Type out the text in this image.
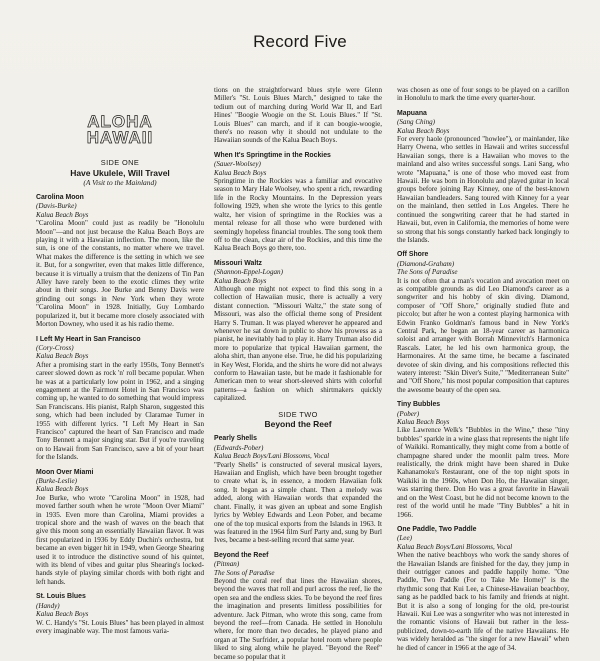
Record Five
ALOHA
HAWAII
SIDE ONE
Have Ukulele, Will Travel
(A Visit to the Mainland)
Carolina Moon
(Davis-Burke)
Kalua Beach Boys
"Carolina Moon" could just as readily be "Honolulu Moon"—and not just because the Kalua Beach Boys are playing it with a Hawaiian inflection. The moon, like the sun, is one of the constants, no matter where we travel. What makes the difference is the setting in which we see it. But, for a songwriter, even that makes little difference, because it is virtually a truism that the denizens of Tin Pan Alley have rarely been to the exotic climes they write about in their songs. Joe Burke and Benny Davis were grinding out songs in New York when they wrote "Carolina Moon" in 1928. Initially, Guy Lombardo popularized it, but it became more closely associated with Morton Downey, who used it as his radio theme.
I Left My Heart in San Francisco
(Cory-Cross)
Kalua Beach Boys
After a promising start in the early 1950s, Tony Bennett's career slowed down as rock 'n' roll became popular. When he was at a particularly low point in 1962, and a singing engagement at the Fairmont Hotel in San Francisco was coming up, he wanted to do something that would impress San Franciscans. His pianist, Ralph Sharon, suggested this song, which had been included by Claramae Turner in 1955 with different lyrics. "I Left My Heart in San Francisco" captured the heart of San Francisco and made Tony Bennett a major singing star. But if you're traveling on to Hawaii from San Francisco, save a bit of your heart for the Islands.
Moon Over Miami
(Burke-Leslie)
Kalua Beach Boys
Joe Burke, who wrote "Carolina Moon" in 1928, had moved farther south when he wrote "Moon Over Miami" in 1935. Even more than Carolina, Miami provides a tropical shore and the wash of waves on the beach that give this moon song an essentially Hawaiian flavor. It was first popularized in 1936 by Eddy Duchin's orchestra, but became an even bigger hit in 1949, when George Shearing used it to introduce the distinctive sound of his quintet, with its blend of vibes and guitar plus Shearing's locked-hands style of playing similar chords with both right and left hands.
St. Louis Blues
(Handy)
Kalua Beach Boys
W. C. Handy's "St. Louis Blues" has been played in almost every imaginable way. The most famous varia-
tions on the straightforward blues style were Glenn Miller's "St. Louis Blues March," designed to take the tedium out of marching during World War II, and Earl Hines' "Boogie Woogie on the St. Louis Blues." If "St. Louis Blues" can march, and if it can boogie-woogie, there's no reason why it should not undulate to the Hawaiian sounds of the Kalua Beach Boys.
When It's Springtime in the Rockies
(Sauer-Woolsey)
Kalua Beach Boys
Springtime in the Rockies was a familiar and evocative season to Mary Hale Woolsey, who spent a rich, rewarding life in the Rocky Mountains. In the Depression years following 1929, when she wrote the lyrics to this gentle waltz, her vision of springtime in the Rockies was a mental release for all those who were burdened with seemingly hopeless financial troubles. The song took them off to the clean, clear air of the Rockies, and this time the Kalua Beach Boys go there, too.
Missouri Waltz
(Shannon-Eppel-Logan)
Kalua Beach Boys
Although one might not expect to find this song in a collection of Hawaiian music, there is actually a very distant connection. "Missouri Waltz," the state song of Missouri, was also the official theme song of President Harry S. Truman. It was played wherever he appeared and whenever he sat down in public to show his prowess as a pianist, he inevitably had to play it. Harry Truman also did more to popularize that typical Hawaiian garment, the aloha shirt, than anyone else. True, he did his popularizing in Key West, Florida, and the shirts he wore did not always conform to Hawaiian taste, but he made it fashionable for American men to wear short-sleeved shirts with colorful patterns—a fashion on which shirtmakers quickly capitalized.
SIDE TWO
Beyond the Reef
Pearly Shells
(Edwards-Pober)
Kalua Beach Boys/Lani Blossoms, Vocal
"Pearly Shells" is constructed of several musical layers, Hawaiian and English, which have been brought together to create what is, in essence, a modern Hawaiian folk song. It began as a simple chant. Then a melody was added, along with Hawaiian words that expanded the chant. Finally, it was given an upbeat and some English lyrics by Webley Edwards and Leon Pober, and became one of the top musical exports from the Islands in 1963. It was featured in the 1964 film Surf Party and, sung by Burl Ives, became a best-selling record that same year.
Beyond the Reef
(Pitman)
The Sons of Paradise
Beyond the coral reef that lines the Hawaiian shores, beyond the waves that roll and purl across the reef, lie the open sea and the endless skies. To be beyond the reef fires the imagination and presents limitless possibilities for adventure. Jack Pitman, who wrote this song, came from beyond the reef—from Canada. He settled in Honolulu where, for more than two decades, he played piano and organ at The Surfrider, a popular hotel room where people liked to sing along while he played. "Beyond the Reef" became so popular that it
was chosen as one of four songs to be played on a carillon in Honolulu to mark the time every quarter-hour.
Mapuana
(Sang Ching)
Kalua Beach Boys
For every haole (pronounced "howlee"), or mainlander, like Harry Owena, who settles in Hawaii and writes successful Hawaiian songs, there is a Hawaiian who moves to the mainland and also writes successful songs. Lani Sang, who wrote "Mapuana," is one of those who moved east from Hawaii. He was born in Honolulu and played guitar in local groups before joining Ray Kinney, one of the best-known Hawaiian bandleaders. Sang toured with Kinney for a year on the mainland, then settled in Los Angeles. There he continued the songwriting career that he had started in Hawaii, but, even in California, the memories of home were so strong that his songs constantly harked back longingly to the Islands.
Off Shore
(Diamond-Graham)
The Sons of Paradise
It is not often that a man's vocation and avocation meet on as compatible grounds as did Leo Diamond's career as a songwriter and his hobby of skin diving. Diamond, composer of "Off Shore," originally studied flute and piccolo; but after he won a contest playing harmonica with Edwin Franko Goldman's famous band in New York's Central Park, he began an 18-year career as harmonica soloist and arranger with Borrah Minnevitch's Harmonica Rascals. Later, he led his own harmonica group, the Harmonaires. At the same time, he became a fascinated devotee of skin diving, and his compositions reflected this watery interest: "Skin Diver's Suite," "Mediterranean Suite" and "Off Shore," his most popular composition that captures the awesome beauty of the open sea.
Tiny Bubbles
(Pober)
Kalua Beach Boys
Like Lawrence Welk's "Bubbles in the Wine," these "tiny bubbles" sparkle in a wine glass that represents the night life of Waikiki. Romantically, they might come from a bottle of champagne shared under the moonlit palm trees. More realistically, the drink might have been shared in Duke Kahanamoku's Restaurant, one of the top night spots in Waikiki in the 1960s, when Don Ho, the Hawaiian singer, was starring there. Don Ho was a great favorite in Hawaii and on the West Coast, but he did not become known to the rest of the world until he made "Tiny Bubbles" a hit in 1966.
One Paddle, Two Paddle
(Lee)
Kalua Beach Boys/Lani Blossoms, Vocal
When the native beachboys who work the sandy shores of the Hawaiian Islands are finished for the day, they jump in their outrigger canoes and paddle happily home. "One Paddle, Two Paddle (For to Take Me Home)" is the rhythmic song that Kui Lee, a Chinese-Hawaiian beachboy, sang as he paddled back to his family and friends at night. But it is also a song of longing for the old, pre-tourist Hawaii. Kui Lee was a songwriter who was not interested in the romantic visions of Hawaii but rather in the less-publicized, down-to-earth life of the native Hawaiians. He was widely heralded as "the singer for a new Hawaii" when he died of cancer in 1966 at the age of 34.
